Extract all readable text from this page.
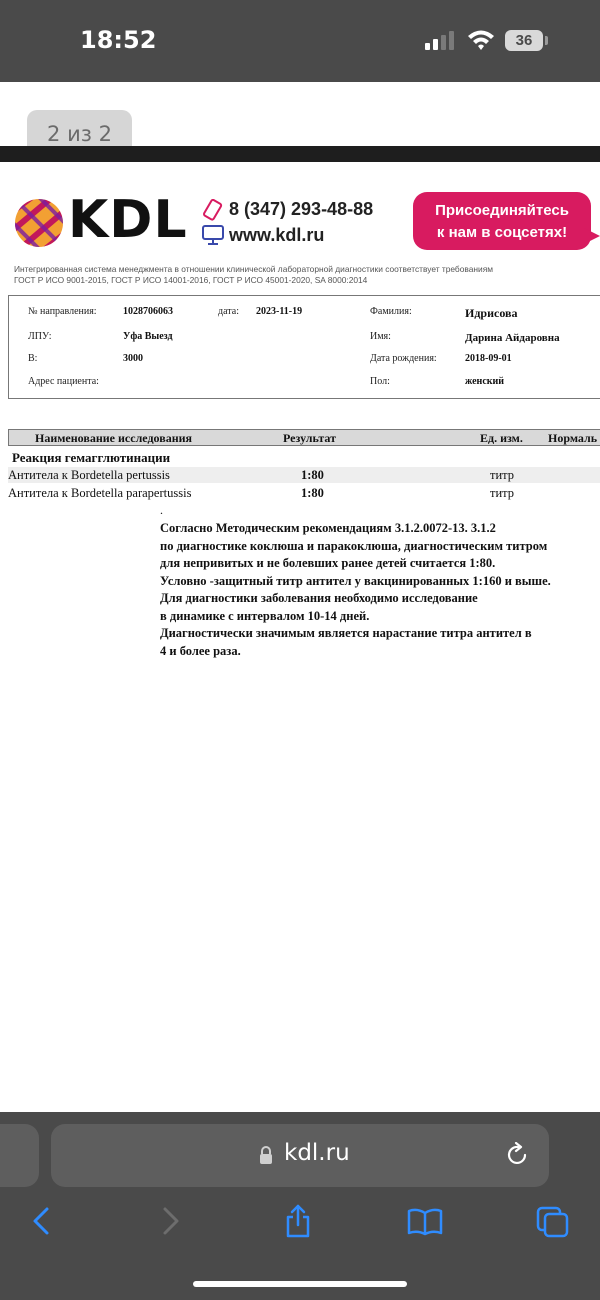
18:52	36
2 из 2
KDL 8 (347) 293-48-88
www.kdl.ru
Присоединяйтесь
к нам в соцсетях!
Интегрированная система менеджмента в отношении клинической лабораторной диагностики соответствует требованиям
ГОСТ Р ИСО 9001-2015, ГОСТ Р ИСО 14001-2016, ГОСТ Р ИСО 45001-2020, SA 8000:2014
№ направления:	1028706063	дата: 2023-11-19
ЛПУ:	Уфа Выезд
В:	3000
Адрес пациента:
Фамилия:	Идрисова
Имя:	Дарина Айдаровна
Дата рождения:	2018-09-01
Пол:	женский
Наименование исследования	Результат	Ед. изм. Нормаль
Реакция гемагглютинации
Антитела к Bordetella pertussis	1:80	титр
Антитела к Bordetella parapertussis	1:80	титр
.
Согласно Методическим рекомендациям 3.1.2.0072-13. 3.1.2
по диагностике коклюша и паракоклюша, диагностическим титром
для непривитых и не болевших ранее детей считается 1:80.
Условно -защитный титр антител у вакцинированных 1:160 и выше.
Для диагностики заболевания необходимо исследование
в динамике с интервалом 10-14 дней.
Диагностически значимым является нарастание титра антител в
4 и более раза.
kdl.ru
